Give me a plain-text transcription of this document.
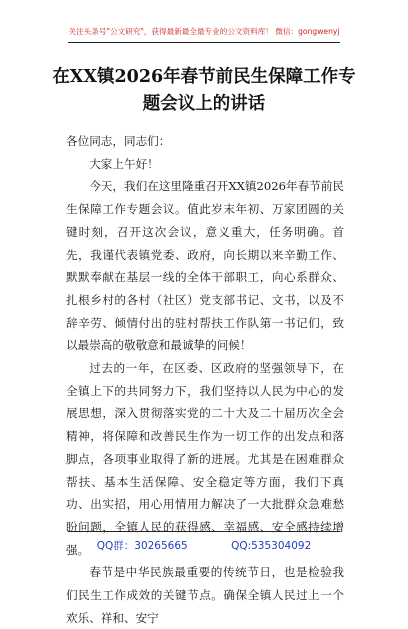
关注头条号"公文研究"，获得最新最全最专业的公文资料库！ 微信：gongwenyj
在XX镇2026年春节前民生保障工作专
题会议上的讲话

各位同志，同志们：

大家上午好！

今天，我们在这里隆重召开XX镇2026年春节前民生保障工作专题会议。值此岁末年初、万家团圆的关键时刻，召开这次会议，意义重大，任务明确。首先，我谨代表镇党委、政府，向长期以来辛勤工作、默默奉献在基层一线的全体干部职工，向心系群众、扎根乡村的各村（社区）党支部书记、文书，以及不辞辛劳、倾情付出的驻村帮扶工作队第一书记们，致以最崇高的敬敬意和最诚挚的问候！

过去的一年，在区委、区政府的坚强领导下，在全镇上下的共同努力下，我们坚持以人民为中心的发展思想，深入贯彻落实党的二十大及二十届历次全会精神，将保障和改善民生作为一切工作的出发点和落脚点，各项事业取得了新的进展。尤其是在困难群众帮扶、基本生活保障、安全稳定等方面，我们下真功、出实招，用心用情用力解决了一大批群众急难愁盼问题，全镇人民的获得感、幸福感、安全感持续增强。

春节是中华民族最重要的传统节日，也是检验我们民生工作成效的关键节点。确保全镇人民过上一个欢乐、祥和、安宁

QQ群：30265665	QQ:535304092
